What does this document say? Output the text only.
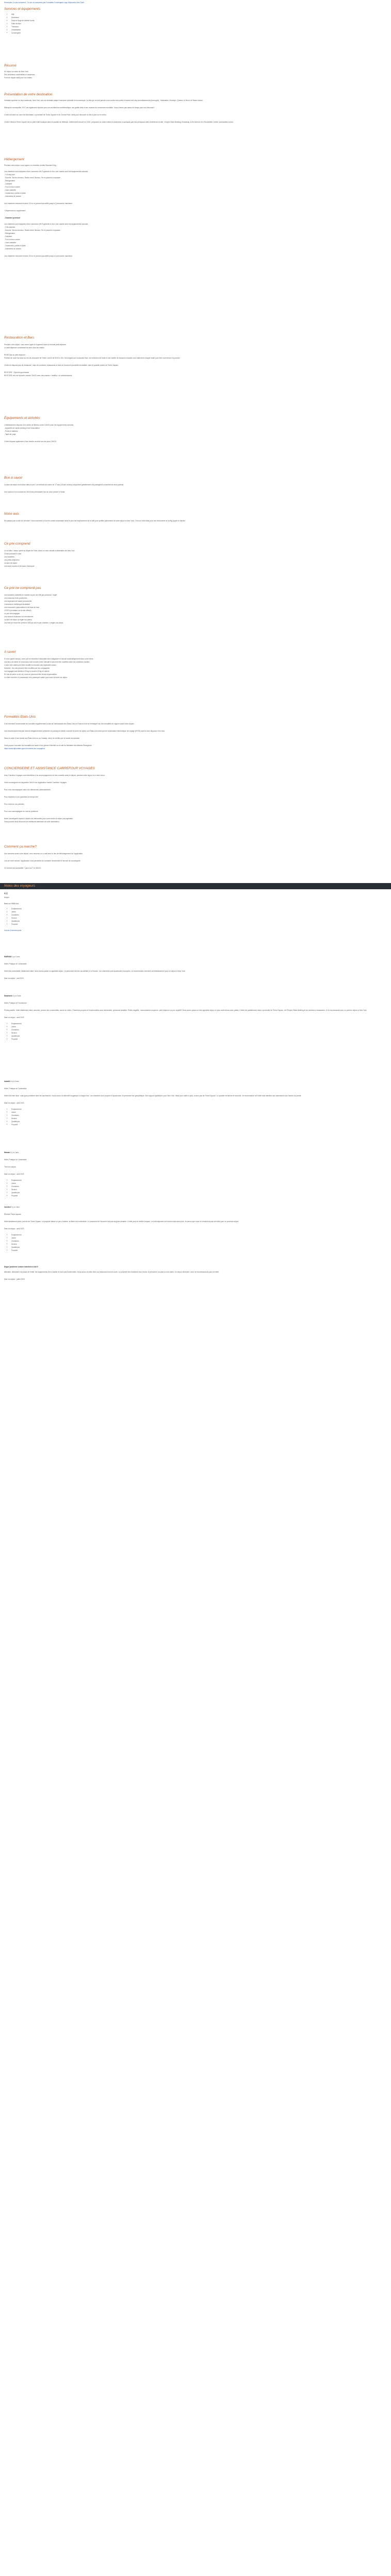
Description Ce prix comprend : Ce prix ne comprend pas Formalités Conciergerie Logo Séjourneur Avis Client

Services et équipements

• Wifi
• Ascenseur
• Draps et linge de toilette fournis
• Salle de Bain
• Télévision
• Climatisation
• Conciergerie

Résumé

Un séjour au cœur de New York.

Des chambres confortables et modernes.

Point de départ idéal pour vos visites.

Présentation de votre destination

Véritable symbole du rêve américain, New York, est une véritable plaque tournante culturelle et économique. La ville qui ne dort jamais vous ouvrira ses portes à travers ses cinq arrondissements (boroughs) : Manhattan, Brooklyn, Queens, le Bronx et Staten Island.

Métropole cosmopolite, NYC est également réputée pour son architecture emblématique, ses gratte-ciels et ses musées de renommée mondiale. Vous n'aurez pas assez de temps pour tout découvrir !

L'hôtel est situé au cœur de Manhattan, à proximité de Times Square et de Central Park. Idéal pour découvrir la ville à pied ou en métro.

L'hôtel Clément Times Square est un petit hôtel boutique dans le quartier de Midtown, entièrement rénové en 2019, proposant un cadre intime et chaleureux à quelques pas des principaux sites d'intérêt de la ville : Empire State Building, Broadway, la 5e Avenue et le Rockefeller Center, accessibles à pied.

Hébergement

Pendant votre séjour vous logerez en chambre double Standard King :

Les chambres sont équipées d'une connexion Wi-Fi gratuite et d'un coin cuisine avec les équipements suivants :

- 1 lit king size

- Douche, Sèche-cheveux, Radio-réveil, Bureau, Fer et planche à repasser

- Réfrigérateur

- Cafetière

- Four à micro-ondes

- Lave-vaisselle

- Casseroles, poêles et plats

- Ustensiles de cuisine

Les chambres mesurent environ 20 m² et peuvent accueillir jusqu'à 2 personnes maximum.

* Moyennant un supplément :

- Chambre premium

Les chambres sont équipées d'une connexion Wi-Fi gratuite et d'un coin cuisine avec les équipements suivants :

- 2 lits doubles

- Douche, Sèche-cheveux, Radio-réveil, Bureau, Fer et planche à repasser

- Réfrigérateur

- Cafetière

- Four à micro-ondes

- Lave-vaisselle

- Casseroles, poêles et plats

- Ustensiles de cuisine

Les chambres mesurent environ 30 m² et peuvent accueillir jusqu'à 4 personnes maximum.

Restauration et Bars

Pendant votre séjour, vous serez logés en logement avec la formule petit-déjeuner.

Le petit-déjeuner continental est servi tous les matins.

ROSE Bar de petit-déjeuner :

Profitez de notre bar situé au rez-de-chaussée de l'hôtel, ouvert de 6h30 à 10h. Des bagels aux croissants frais, une sélection de fruits et une variété de boissons chaudes vous attendent chaque matin pour bien commencer la journée.

L'hôtel ne dispose pas de restaurant, mais de nombreux restaurants et bars se trouvent à proximité immédiate, dans le quartier animé de Times Square.

RESTORE : Épicerie gourmande

RESTORE est une épicerie ouverte 24h/24 avec des snacks « healthy » et rafraîchissants.

Équipements et activités

L'établissement dispose d'un centre de fitness ouvert 24h/24 avec les équipements suivants :

- Appareils de cardio-training et de musculation

- Poids et haltères

- Tapis de yoga

L'hôtel dispose également d'une laverie ouverte tous les jours 24h/24.

Bon à savoir

La taxe de séjour est incluse dans le prix. Les enfants de moins de 17 ans (16 ans révolus) séjournent gratuitement s'ils partagent la chambre de leurs parents.

Une caution d'un montant de 150 $ sera demandée lors de votre arrivée à l'hôtel.

Notre avis

Ne passez pas à côté de cet hôtel ! Vous trouverez ici tout le confort nécessaire dans le plus bel emplacement de la ville pour profiter pleinement de votre séjour à New York. C'est un hôtel idéal pour une découverte de la Big Apple en famille !

Ce prix comprend

Le vol aller / retour opéré au départ de Paris, direct ou avec escale à destination de New York

L'hôtel pendant 5 nuits

Les transferts

Les petits-déjeuners

La taxe de séjour

Les taxes locales et les taxes d'aéroport

Ce prix ne comprend pas

Les transferts collectifs en navette au prix de 45€ par personne / trajet

Les boissons et les pourboires

Les dépenses de nature personnelle

L'assurance multirisque facultative

Les excursions optionnelles et les frais de visa

L'ESTA (à réaliser sur le site officiel)

Le port des bagages

Les repas et boissons non mentionnés

La taxe de séjour (à régler sur place)

Les frais de resort fee (environ 30$ par nuit et par chambre, à régler sur place)

A savoir

Si vous partez seul(e), votre prix en chambre individuelle sera obligatoire et calculé automatiquement dans votre devis.

Les lieux de visites et excursions sont donnés à titre indicatif et peuvent être modifiés selon les conditions locales.

L'ordre des visites peut être modifié en fonction des impératifs locaux.

Horaires : les vols peuvent être modifiés par les compagnies.

Les bagages sont limités à 23 kg en soute et 8 kg en cabine.

En cas de perte ou de vol, nous ne pourrions être tenus responsables.

Le client doit être en possession d'un passeport valide pour toute la durée du séjour.

Formalités Etats-Unis

Il est vivement recommandé de consulter régulièrement le site de l'ambassade des États-Unis en France et de se renseigner sur les formalités en vigueur avant votre départ.

Les ressortissants français doivent obligatoirement présenter un passeport valide couvrant la durée du séjour aux États-Unis ainsi qu'une autorisation électronique de voyage (ESTA) sauf si vous disposez d'un visa.

Dans le cadre d'une transit aux États-Unis ou au Canada, merci de vérifier que le transit est autorisé.

Vous pouvez consulter les formalités de santé et les pièces d'identité sur le site du Ministère des Affaires Étrangères :

https://www.diplomatie.gouv.fr/conseils-aux-voyageurs

CONCIERGERIE ET ASSISTANCE CARREFOUR VOYAGES

Avec Carrefour Voyages vous bénéficiez d'un accompagnement et des conseils avant le départ, pendant votre séjour et à votre retour.

Votre conciergerie est disponible 24h/24 via l'application mobile Carrefour Voyages :

Pour vous accompagner dans vos démarches administratives

Pour répondre à vos questions en temps réel

Pour réserver vos activités

Pour vous accompagner en cas de problème

Notre conciergerie répond à toutes vos demandes pour vous rendre le séjour plus agréable.

Vous pourrez ainsi découvrir les meilleures adresses de votre destination.

Comment ça marche?

Une semaine avant votre départ, vous recevrez un e-mail avec le lien de téléchargement de l'application.

Lors de votre arrivée, l'application vous permettra de contacter directement le service de conciergerie.

Ce service est accessible 7 jours sur 7 et 24h/24.

Notes des voyageurs

4.6

Moyen

Basé sur 5658 Avis

• Emplacement
• Literie
• Chambres
• Service
• Qualité/prix
• Propreté

Voir les 5 derniers avis

MARIAM il y a 4 ans

Hôtel, Pratique et Confortable

Hôtel très confortable, idéalement situé. Nous avons passé un agréable séjour. Le personnel est très accueillant et à l'écoute. Les chambres sont spacieuses et propres. Je recommande vivement cet établissement pour un séjour à New York.

Date du séjour : mai 2023

Stéphanie il y a 4 ans

Hôtel, Pratique et Fonctionnel

Points positifs : hôtel idéalement situé, sécurisé, proche des commodités, accès en métro. Chambres propres et fonctionnelles avec kitchenette, personnel aimable. Points négatifs : insonorisation moyenne, petit-déjeuner un peu répétitif. Nous avons passé un très agréable séjour et nous reviendrons avec plaisir. L'hôtel est parfaitement situé à proximité de Times Square, de l'Empire State Building et de nombreux restaurants. Je le recommande pour un premier séjour à New York.

Date du séjour : avril 2023

• Emplacement
• Literie
• Chambres
• Service
• Qualité/prix
• Propreté

Isabelle il y a 4 ans

Hôtel, Pratique et Confortable

Hôtel très bien situé, mais gros problème avec les ascenseurs. Nous avons dû attendre longtemps à chaque fois. Les chambres sont propres et spacieuses, le personnel est sympathique. Bon rapport qualité/prix pour New York. Idéal pour visiter à pied, à deux pas de Times Square. Le quartier est animé et sécurisé. Je recommande cet hôtel mais attention aux ascenseurs aux heures de pointe.

Date du séjour : avril 2023

• Emplacement
• Literie
• Chambres
• Service
• Qualité/prix
• Propreté

Maman il y a 4 ans

Hôtel, Pratique et Confortable

Très bon séjour.

Date du séjour : avril 2023

• Emplacement
• Literie
• Chambres
• Service
• Qualité/prix
• Propreté

Caroline il y a 4 ans

Élément Times square

Hôtel idéalement placé, proche de Times Square. La propreté laisse un peu à désirer, la literie est confortable. Le personnel de l'accueil n'est pas toujours aimable. L'hôtel peut se révéler bruyant. Le petit-déjeuner est correct mais sans plus. Je pense que nous ne choisirions pas cet hôtel pour un prochain séjour.

Date du séjour : avril 2023

• Emplacement
• Literie
• Chambres
• Service
• Qualité/prix
• Propreté

Dégus problème cuisine hôtellerie à fuir!!!

Attention, déception à la place de l'hôtel, les équipements de la cuisine ne sont pas fonctionnels. Nous avons dû aller dîner au restaurant tous les soirs. La propreté des chambres est à revoir, le personnel n'a pas su nous aider. Un séjour décevant, nous ne recommandons pas cet hôtel.

Date du séjour : juillet 2023
